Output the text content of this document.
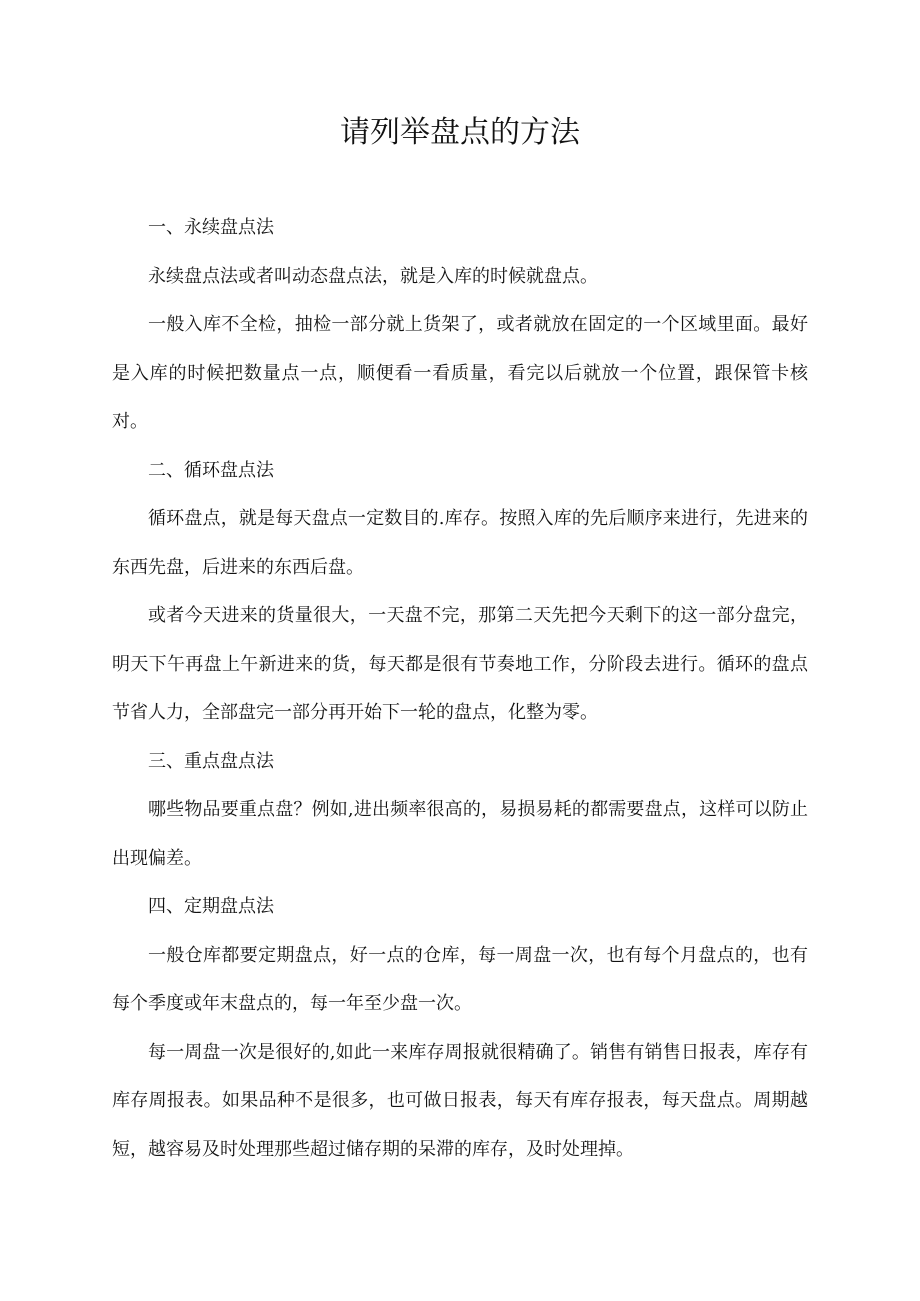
请列举盘点的方法
一、永续盘点法

永续盘点法或者叫动态盘点法，就是入库的时候就盘点。

一般入库不全检，抽检一部分就上货架了，或者就放在固定的一个区域里面。最好是入库的时候把数量点一点，顺便看一看质量，看完以后就放一个位置，跟保管卡核对。

二、循环盘点法

循环盘点，就是每天盘点一定数目的.库存。按照入库的先后顺序来进行，先进来的东西先盘，后进来的东西后盘。

或者今天进来的货量很大，一天盘不完，那第二天先把今天剩下的这一部分盘完，明天下午再盘上午新进来的货，每天都是很有节奏地工作，分阶段去进行。循环的盘点节省人力，全部盘完一部分再开始下一轮的盘点，化整为零。

三、重点盘点法

哪些物品要重点盘？例如,进出频率很高的，易损易耗的都需要盘点，这样可以防止出现偏差。

四、定期盘点法

一般仓库都要定期盘点，好一点的仓库，每一周盘一次，也有每个月盘点的，也有每个季度或年末盘点的，每一年至少盘一次。

每一周盘一次是很好的,如此一来库存周报就很精确了。销售有销售日报表，库存有库存周报表。如果品种不是很多，也可做日报表，每天有库存报表，每天盘点。周期越短，越容易及时处理那些超过储存期的呆滞的库存，及时处理掉。
